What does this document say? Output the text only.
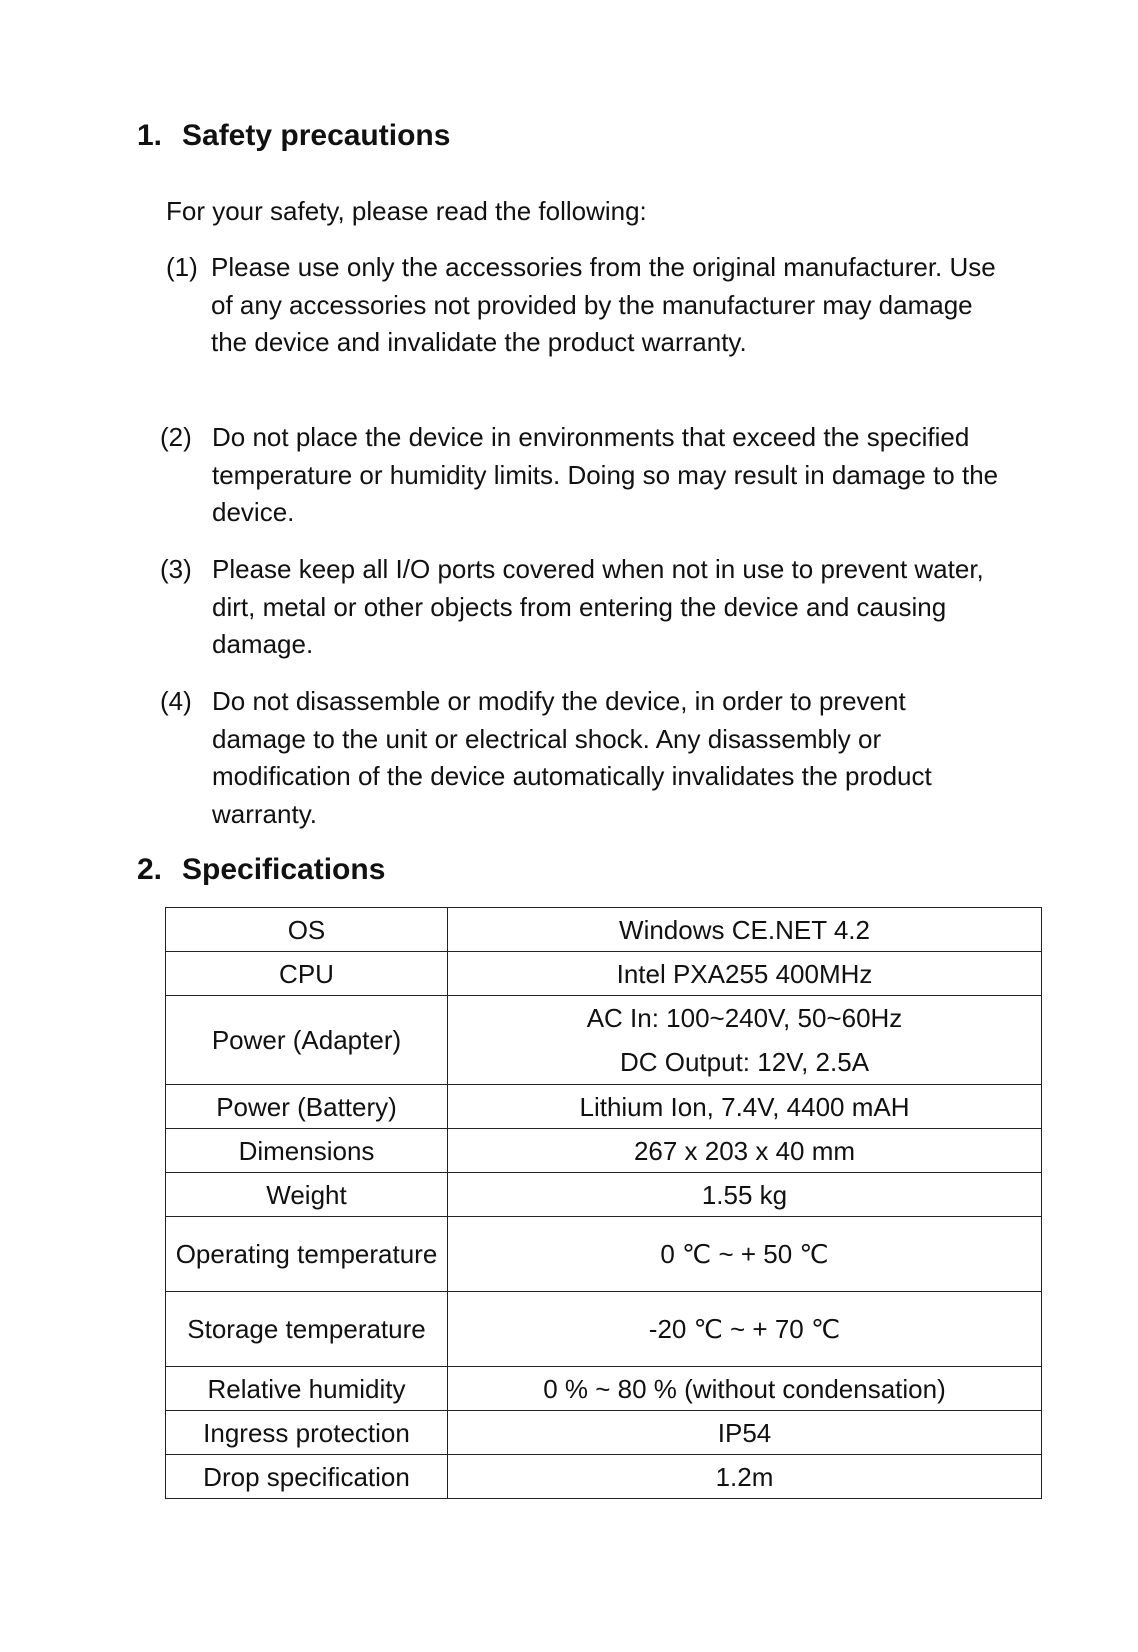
1. Safety precautions

For your safety, please read the following:

(1) Please use only the accessories from the original manufacturer. Use of any accessories not provided by the manufacturer may damage the device and invalidate the product warranty.
(2) Do not place the device in environments that exceed the specified temperature or humidity limits. Doing so may result in damage to the device.
(3) Please keep all I/O ports covered when not in use to prevent water, dirt, metal or other objects from entering the device and causing damage.
(4) Do not disassemble or modify the device, in order to prevent damage to the unit or electrical shock. Any disassembly or modification of the device automatically invalidates the product warranty.
2. Specifications
OS	Windows CE.NET 4.2
CPU	Intel PXA255 400MHz
Power (Adapter)	AC In: 100~240V, 50~60Hz
DC Output: 12V, 2.5A

Power (Battery)	Lithium Ion, 7.4V, 4400 mAH
Dimensions	267 x 203 x 40 mm
Weight	1.55 kg
Operating temperature	0 ℃ ~ + 50 ℃
Storage temperature	-20 ℃ ~ + 70 ℃
Relative humidity	0 % ~ 80 % (without condensation)
Ingress protection	IP54
Drop specification	1.2m
